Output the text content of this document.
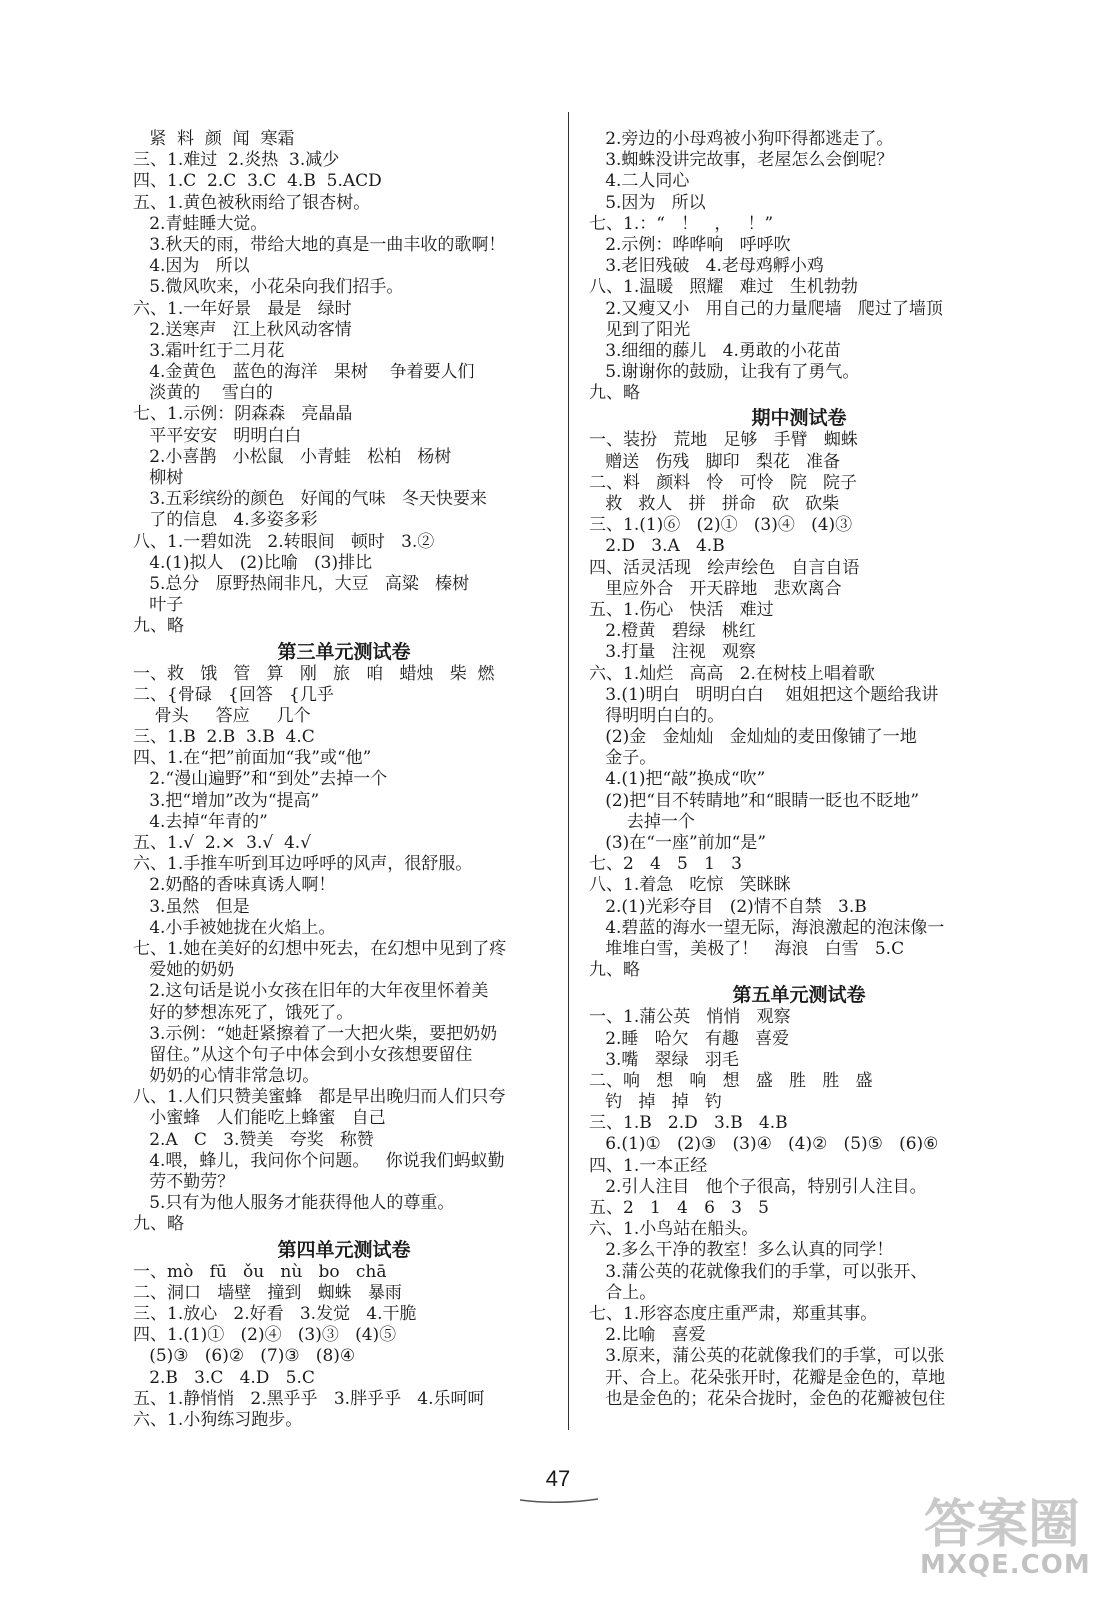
紧  料  颜  闻  寒霜
三、1.难过  2.炎热  3.减少
四、1.C  2.C  3.C  4.B  5.ACD
五、1.黄色被秋雨给了银杏树。
2.青蛙睡大觉。
3.秋天的雨，带给大地的真是一曲丰收的歌啊！
4.因为   所以
5.微风吹来，小花朵向我们招手。
六、1.一年好景   最是   绿时
2.送寒声   江上秋风动客情
3.霜叶红于二月花
4.金黄色   蓝色的海洋   果树    争着要人们
淡黄的    雪白的
七、1.示例：阴森森   亮晶晶
平平安安   明明白白
2.小喜鹊   小松鼠   小青蛙   松柏   杨树
柳树
3.五彩缤纷的颜色   好闻的气味   冬天快要来
了的信息   4.多姿多彩
八、1.一碧如洗   2.转眼间   顿时   3.②
4.(1)拟人   (2)比喻   (3)排比
5.总分   原野热闹非凡，大豆   高粱   榛树
叶子
九、略
第三单元测试卷
一、救   饿   管   算   刚   旅   咱   蜡烛   柴  燃
二、{骨碌   {回答   {几乎
骨头     答应     几个
三、1.B  2.B  3.B  4.C
四、1.在“把”前面加“我”或“他”
2.“漫山遍野”和“到处”去掉一个
3.把“增加”改为“提高”
4.去掉“年青的”
五、1.√  2.×  3.√  4.√
六、1.手推车听到耳边呼呼的风声，很舒服。
2.奶酪的香味真诱人啊！
3.虽然   但是
4.小手被她拢在火焰上。
七、1.她在美好的幻想中死去，在幻想中见到了疼
爱她的奶奶
2.这句话是说小女孩在旧年的大年夜里怀着美
好的梦想冻死了，饿死了。
3.示例：“她赶紧擦着了一大把火柴，要把奶奶
留住。”从这个句子中体会到小女孩想要留住
奶奶的心情非常急切。
八、1.人们只赞美蜜蜂   都是早出晚归而人们只夸
小蜜蜂   人们能吃上蜂蜜   自己
2.A   C   3.赞美   夸奖   称赞
4.喂，蜂儿，我问你个问题。   你说我们蚂蚁勤
劳不勤劳？
5.只有为他人服务才能获得他人的尊重。
九、略
第四单元测试卷
一、mò   fū   ǒu   nù   bo   chā
二、洞口   墙壁   撞到   蜘蛛   暴雨
三、1.放心   2.好看   3.发觉   4.干脆
四、1.(1)①   (2)④   (3)③   (4)⑤
(5)③   (6)②   (7)③   (8)④
2.B   3.C   4.D   5.C
五、1.静悄悄   2.黑乎乎   3.胖乎乎   4.乐呵呵
六、1.小狗练习跑步。
2.旁边的小母鸡被小狗吓得都逃走了。
3.蜘蛛没讲完故事，老屋怎么会倒呢？
4.二人同心
5.因为   所以
七、1.：“   ！   ，   ！”
2.示例：哗哗响   呼呼吹
3.老旧残破   4.老母鸡孵小鸡
八、1.温暖   照耀   难过   生机勃勃
2.又瘦又小   用自己的力量爬墙   爬过了墙顶
见到了阳光
3.细细的藤儿   4.勇敢的小花苗
5.谢谢你的鼓励，让我有了勇气。
九、略
期中测试卷
一、装扮   荒地   足够   手臂   蜘蛛
赠送   伤残   脚印   梨花   准备
二、料   颜料   怜   可怜   院   院子
救   救人   拼   拼命   砍   砍柴
三、1.(1)⑥   (2)①   (3)④   (4)③
2.D   3.A   4.B
四、活灵活现   绘声绘色   自言自语
里应外合   开天辟地   悲欢离合
五、1.伤心   快活   难过
2.橙黄   碧绿   桃红
3.打量   注视   观察
六、1.灿烂   高高   2.在树枝上唱着歌
3.(1)明白   明明白白    姐姐把这个题给我讲
得明明白白的。
(2)金   金灿灿   金灿灿的麦田像铺了一地
金子。
4.(1)把“敲”换成“吹”
(2)把“目不转睛地”和“眼睛一眨也不眨地”
去掉一个
(3)在“一座”前加“是”
七、2   4   5   1   3
八、1.着急   吃惊   笑眯眯
2.(1)光彩夺目   (2)情不自禁   3.B
4.碧蓝的海水一望无际，海浪激起的泡沫像一
堆堆白雪，美极了！   海浪   白雪   5.C
九、略
第五单元测试卷
一、1.蒲公英   悄悄   观察
2.睡   哈欠   有趣   喜爱
3.嘴   翠绿   羽毛
二、响   想   响   想   盛   胜   胜   盛
钓   掉   掉   钓
三、1.B   2.D   3.B   4.B
6.(1)①   (2)③   (3)④   (4)②   (5)⑤   (6)⑥
四、1.一本正经
2.引人注目   他个子很高，特别引人注目。
五、2   1   4   6   3   5
六、1.小鸟站在船头。
2.多么干净的教室！多么认真的同学！
3.蒲公英的花就像我们的手掌，可以张开、
合上。
七、1.形容态度庄重严肃，郑重其事。
2.比喻   喜爱
3.原来，蒲公英的花就像我们的手掌，可以张
开、合上。花朵张开时，花瓣是金色的，草地
也是金色的；花朵合拢时，金色的花瓣被包住
47
答案圈
MXQE.COM
